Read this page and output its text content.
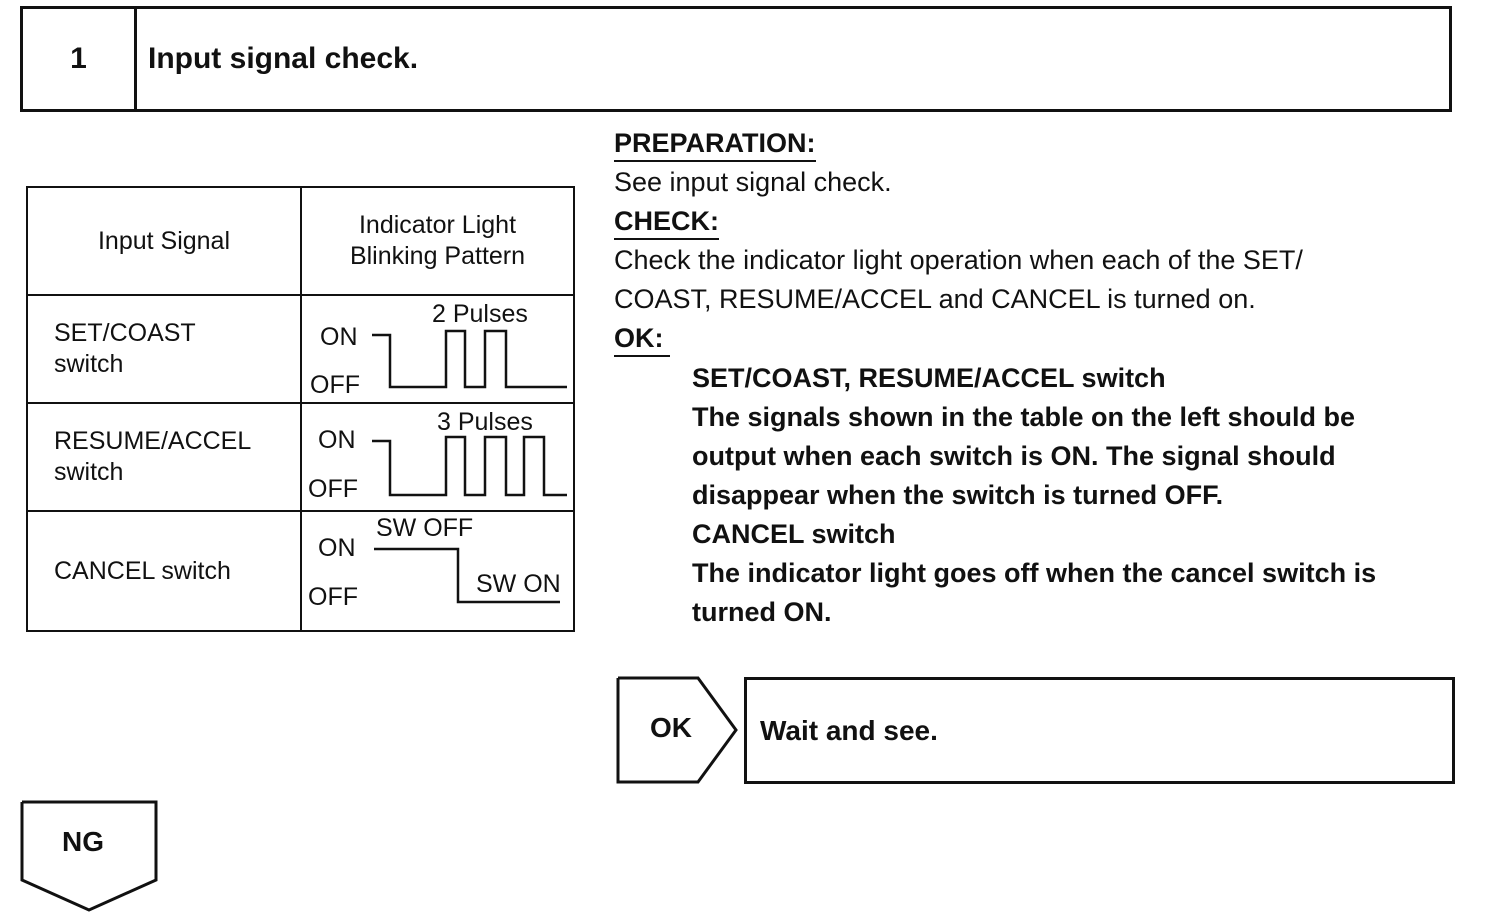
1	Input signal check.
Input Signal	Indicator Light
Blinking Pattern
SET/COAST
switch	2 Pulses
ON
OFF

RESUME/ACCEL
switch	3 Pulses
ON
OFF

CANCEL switch	SW OFF
ON
OFF SW ON
PREPARATION:
See input signal check.
CHECK:
Check the indicator light operation when each of the SET/
COAST, RESUME/ACCEL and CANCEL is turned on.
OK:
SET/COAST, RESUME/ACCEL switch
The signals shown in the table on the left should be
output when each switch is ON. The signal should
disappear when the switch is turned OFF.
CANCEL switch
The indicator light goes off when the cancel switch is
turned ON.
OK Wait and see.
NG
